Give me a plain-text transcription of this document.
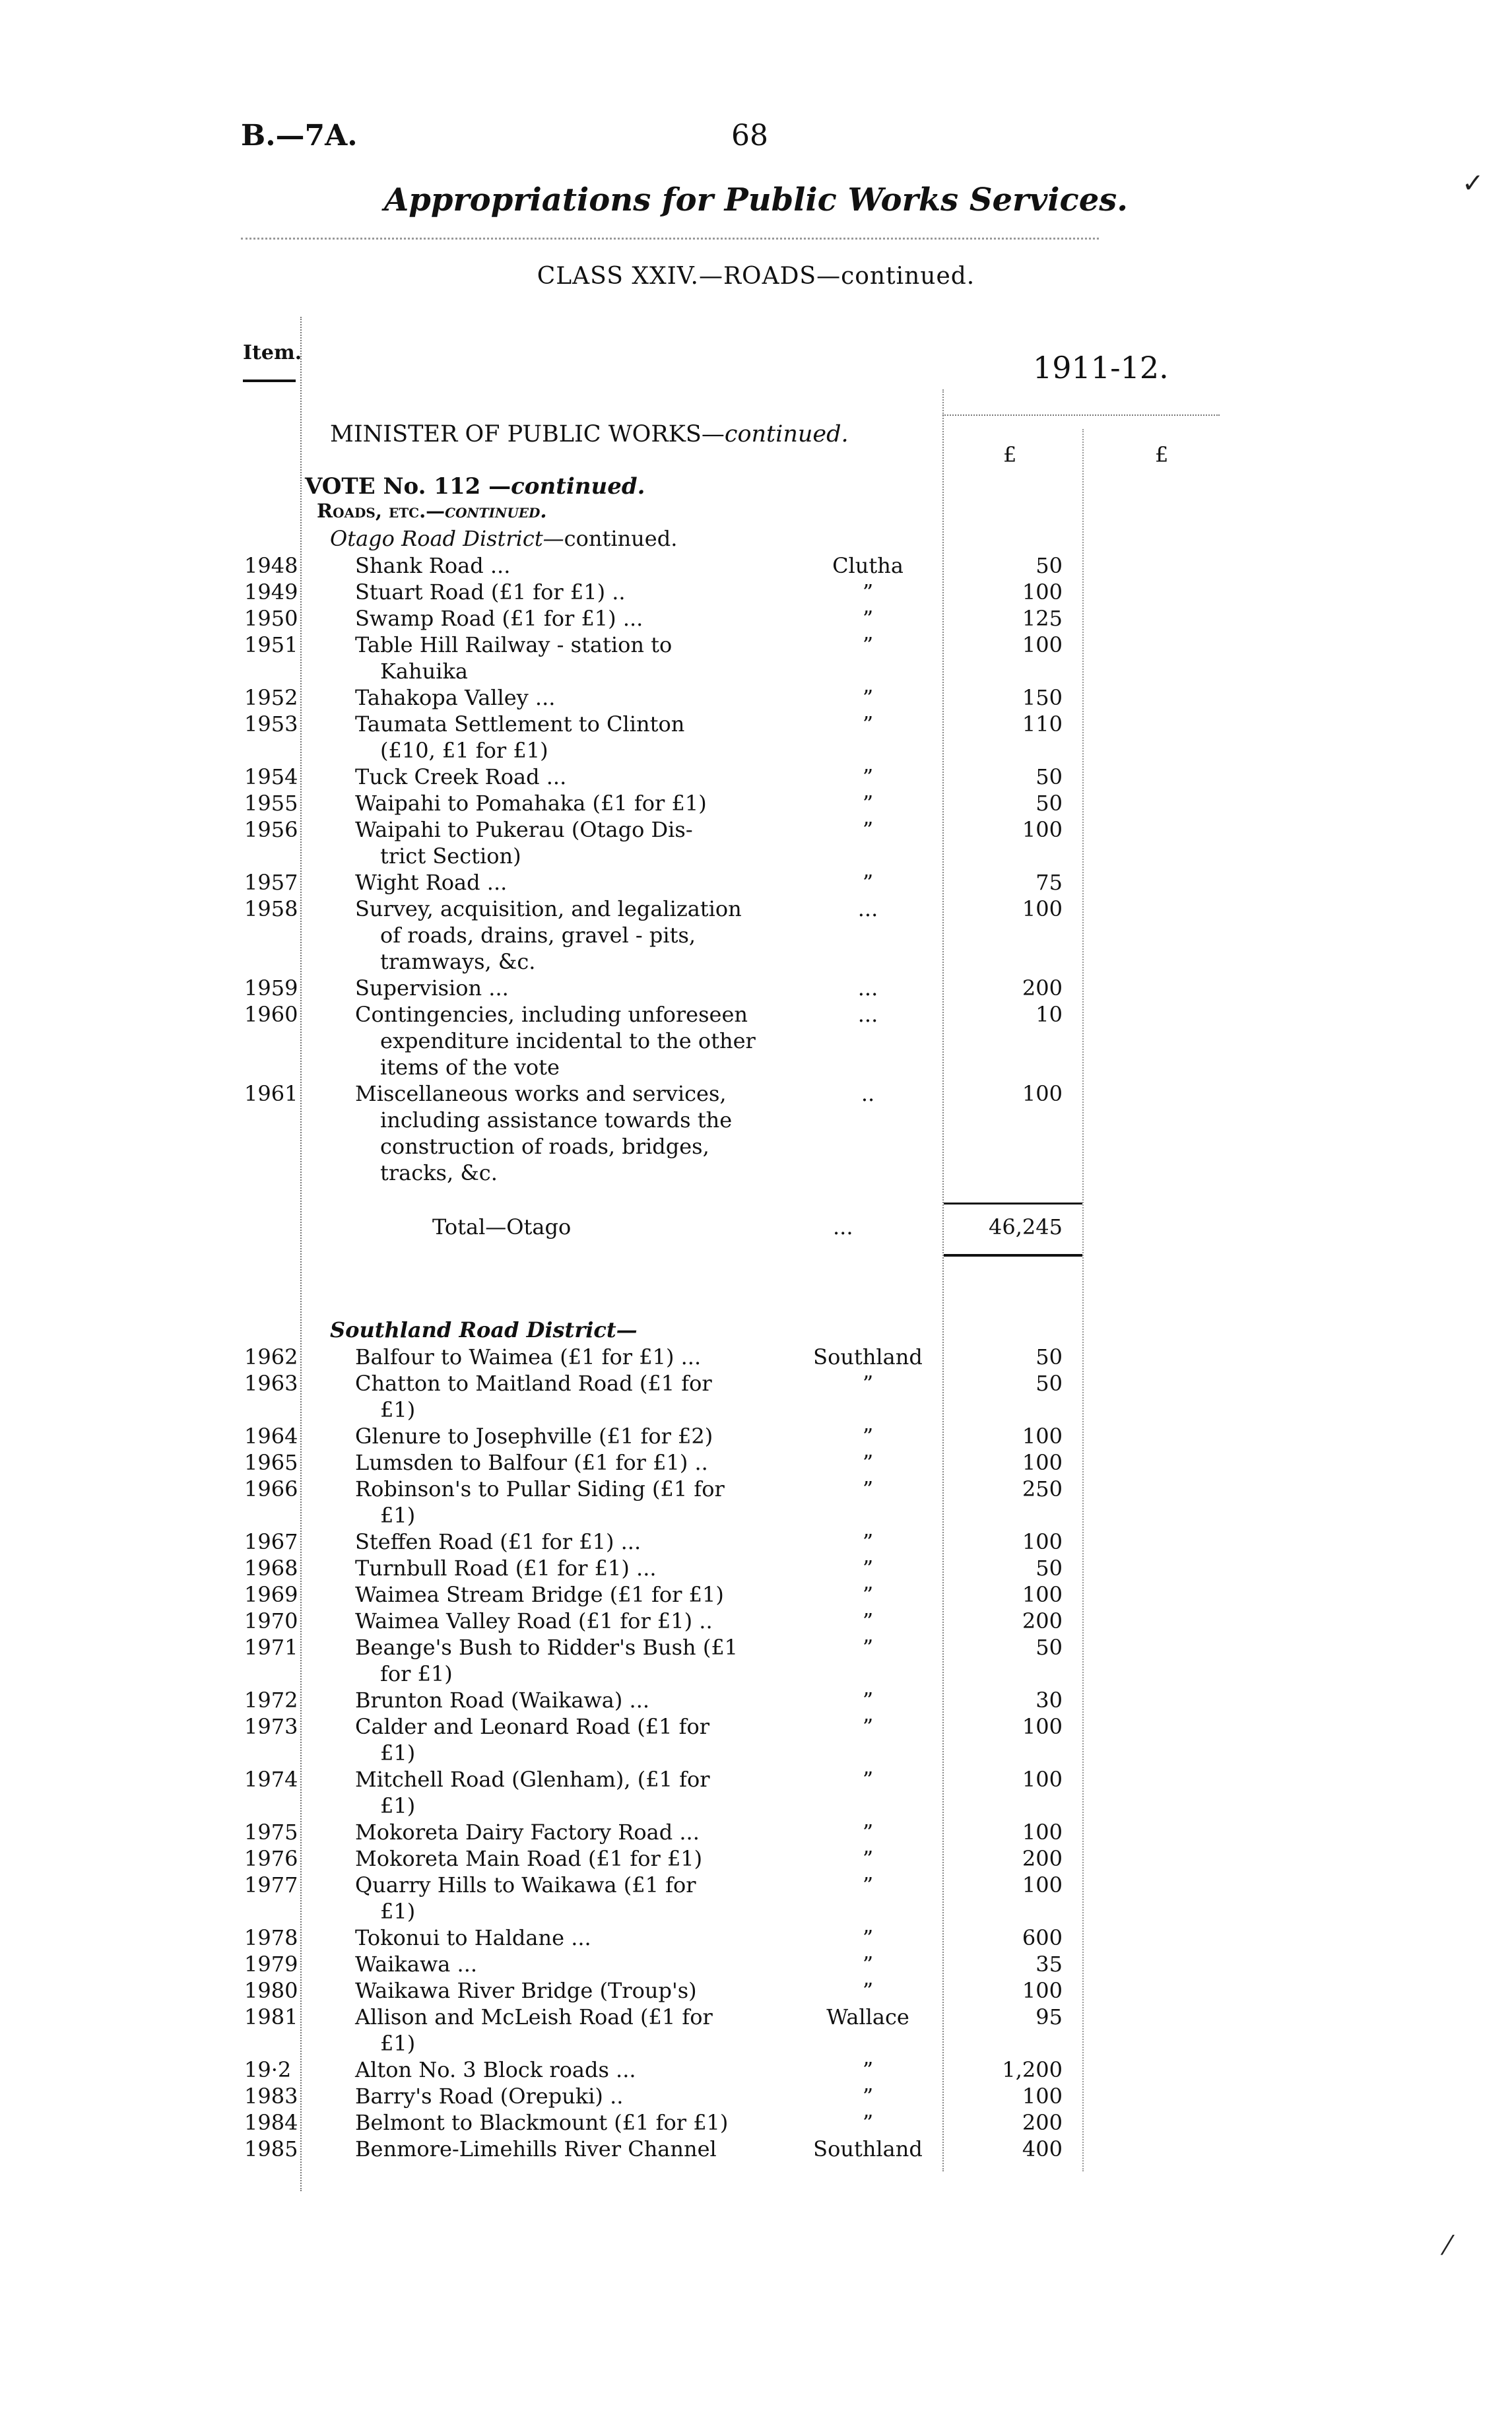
B.—7A.	68
Appropriations for Public Works Services.
CLASS XXIV.—ROADS—continued.
Item.	1911-12.
MINISTER OF PUBLIC WORKS—continued.
£	£
VOTE No. 112 —continued.
Roads, etc.—continued.
Otago Road District—continued.
1948	Shank Road ...	Clutha	50
1949	Stuart Road (£1 for £1) ..	”	100
1950	Swamp Road (£1 for £1) ...	”	125
1951	Table Hill Railway - station to
Kahuika
”	100
1952	Tahakopa Valley ...	”	150
1953	Taumata Settlement to Clinton
(£10, £1 for £1)
”	110
1954	Tuck Creek Road ...	”	50
1955	Waipahi to Pomahaka (£1 for £1)	”	50
1956	Waipahi to Pukerau (Otago Dis-
trict Section)
”	100
1957	Wight Road ...	”	75
1958	Survey, acquisition, and legalization
of roads, drains, gravel - pits, tramways, &c.
...	100
1959	Supervision ...	...	200
1960	Contingencies, including unforeseen
expenditure incidental to the other items of the vote
...	10
1961	Miscellaneous works and services,
including assistance towards the construction of roads, bridges, tracks, &c.
..	100
Total—Otago	...	46,245
Southland Road District—
1962	Balfour to Waimea (£1 for £1) ...	Southland	50
1963	Chatton to Maitland Road (£1 for
£1)
”	50
1964	Glenure to Josephville (£1 for £2)	”	100
1965	Lumsden to Balfour (£1 for £1) ..	”	100
1966	Robinson's to Pullar Siding (£1 for
£1)
”	250
1967	Steffen Road (£1 for £1) ...	”	100
1968	Turnbull Road (£1 for £1) ...	”	50
1969	Waimea Stream Bridge (£1 for £1)	”	100
1970	Waimea Valley Road (£1 for £1) ..	”	200
1971	Beange's Bush to Ridder's Bush (£1
for £1)
”	50
1972	Brunton Road (Waikawa) ...	”	30
1973	Calder and Leonard Road (£1 for
£1)
”	100
1974	Mitchell Road (Glenham), (£1 for
£1)
”	100
1975	Mokoreta Dairy Factory Road ...	”	100
1976	Mokoreta Main Road (£1 for £1)	”	200
1977	Quarry Hills to Waikawa (£1 for
£1)
”	100
1978	Tokonui to Haldane ...	”	600
1979	Waikawa ...	”	35
1980	Waikawa River Bridge (Troup's)	”	100
1981	Allison and McLeish Road (£1 for
£1)
Wallace	95
19·2	Alton No. 3 Block roads ...	”	1,200
1983	Barry's Road (Orepuki) ..	”	100
1984	Belmont to Blackmount (£1 for £1)	”	200
1985	Benmore-Limehills River Channel	Southland	400
✓
⁄
